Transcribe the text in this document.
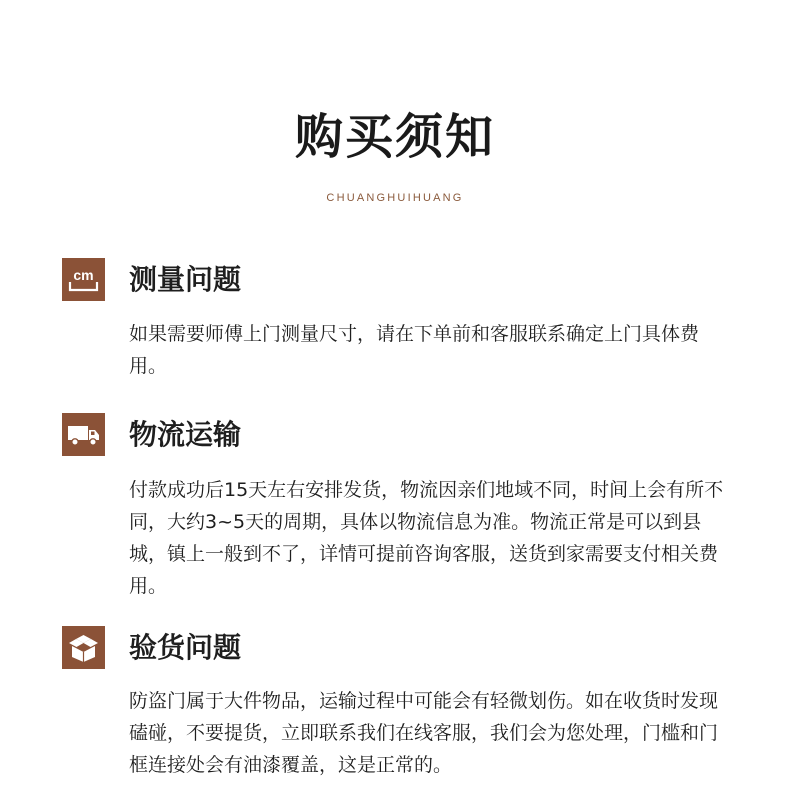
购买须知
CHUANGHUIHUANG
cm 测量问题

如果需要师傅上门测量尺寸，请在下单前和客服联系确定上门具体费用。

物流运输

付款成功后15天左右安排发货，物流因亲们地域不同，时间上会有所不同，大约3~5天的周期，具体以物流信息为准。物流正常是可以到县城，镇上一般到不了，详情可提前咨询客服，送货到家需要支付相关费用。

验货问题

防盗门属于大件物品，运输过程中可能会有轻微划伤。如在收货时发现磕碰，不要提货，立即联系我们在线客服，我们会为您处理，门槛和门框连接处会有油漆覆盖，这是正常的。
